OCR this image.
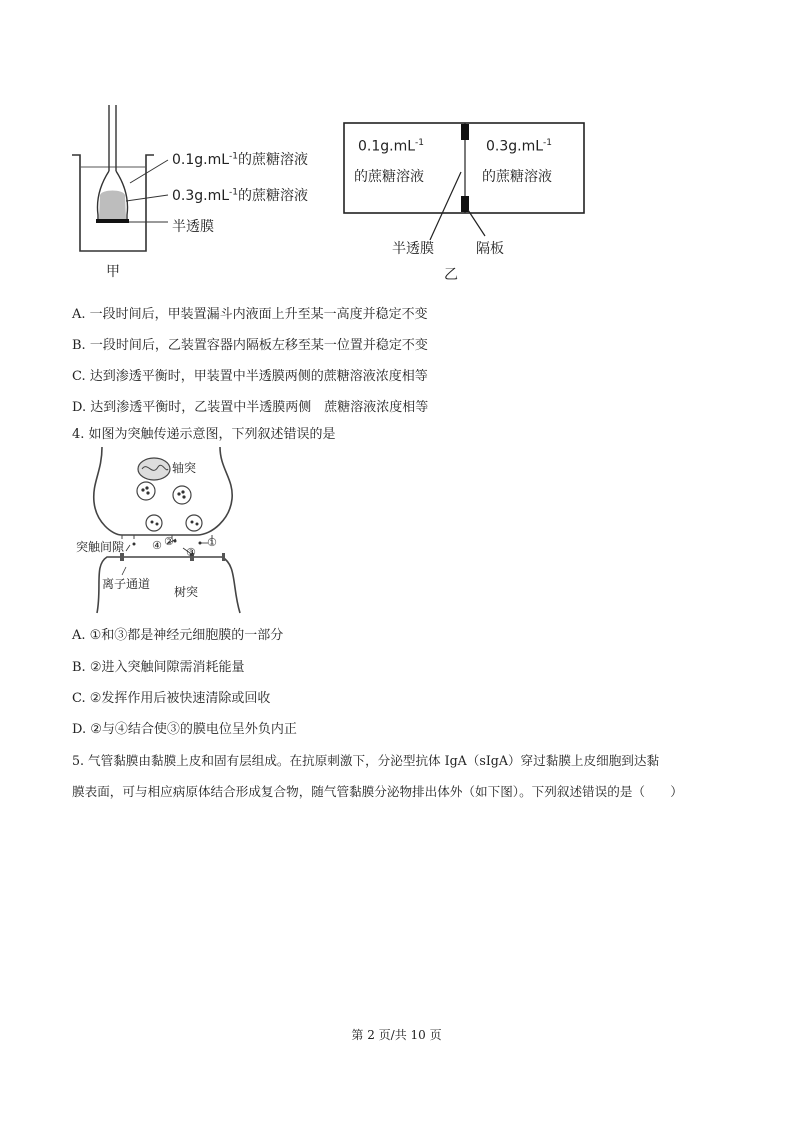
$0.1g.mL^{-1}$的蔗糖溶液
$0.3g.mL^{-1}$的蔗糖溶液
半透膜
甲
$0.1g.mL^{-1}$
的蔗糖溶液
$0.3g.mL^{-1}$
的蔗糖溶液
半透膜	隔板
乙
A. 一段时间后，甲装置漏斗内液面上升至某一高度并稳定不变
B. 一段时间后，乙装置容器内隔板左移至某一位置并稳定不变
C. 达到渗透平衡时，甲装置中半透膜两侧的蔗糖溶液浓度相等
D. 达到渗透平衡时，乙装置中半透膜两侧　蔗糖溶液浓度相等
4. 如图为突触传递示意图，下列叙述错误的是
④ ②	①
③
轴突
突触间隙
离子通道
树突
A. ①和③都是神经元细胞膜的一部分
B. ②进入突触间隙需消耗能量
C. ②发挥作用后被快速清除或回收
D. ②与④结合使③的膜电位呈外负内正
5. 气管黏膜由黏膜上皮和固有层组成。在抗原刺激下，分泌型抗体 IgA（sIgA）穿过黏膜上皮细胞到达黏
膜表面，可与相应病原体结合形成复合物，随气管黏膜分泌物排出体外（如下图）。下列叙述错误的是（　　）
第 2 页/共 10 页
